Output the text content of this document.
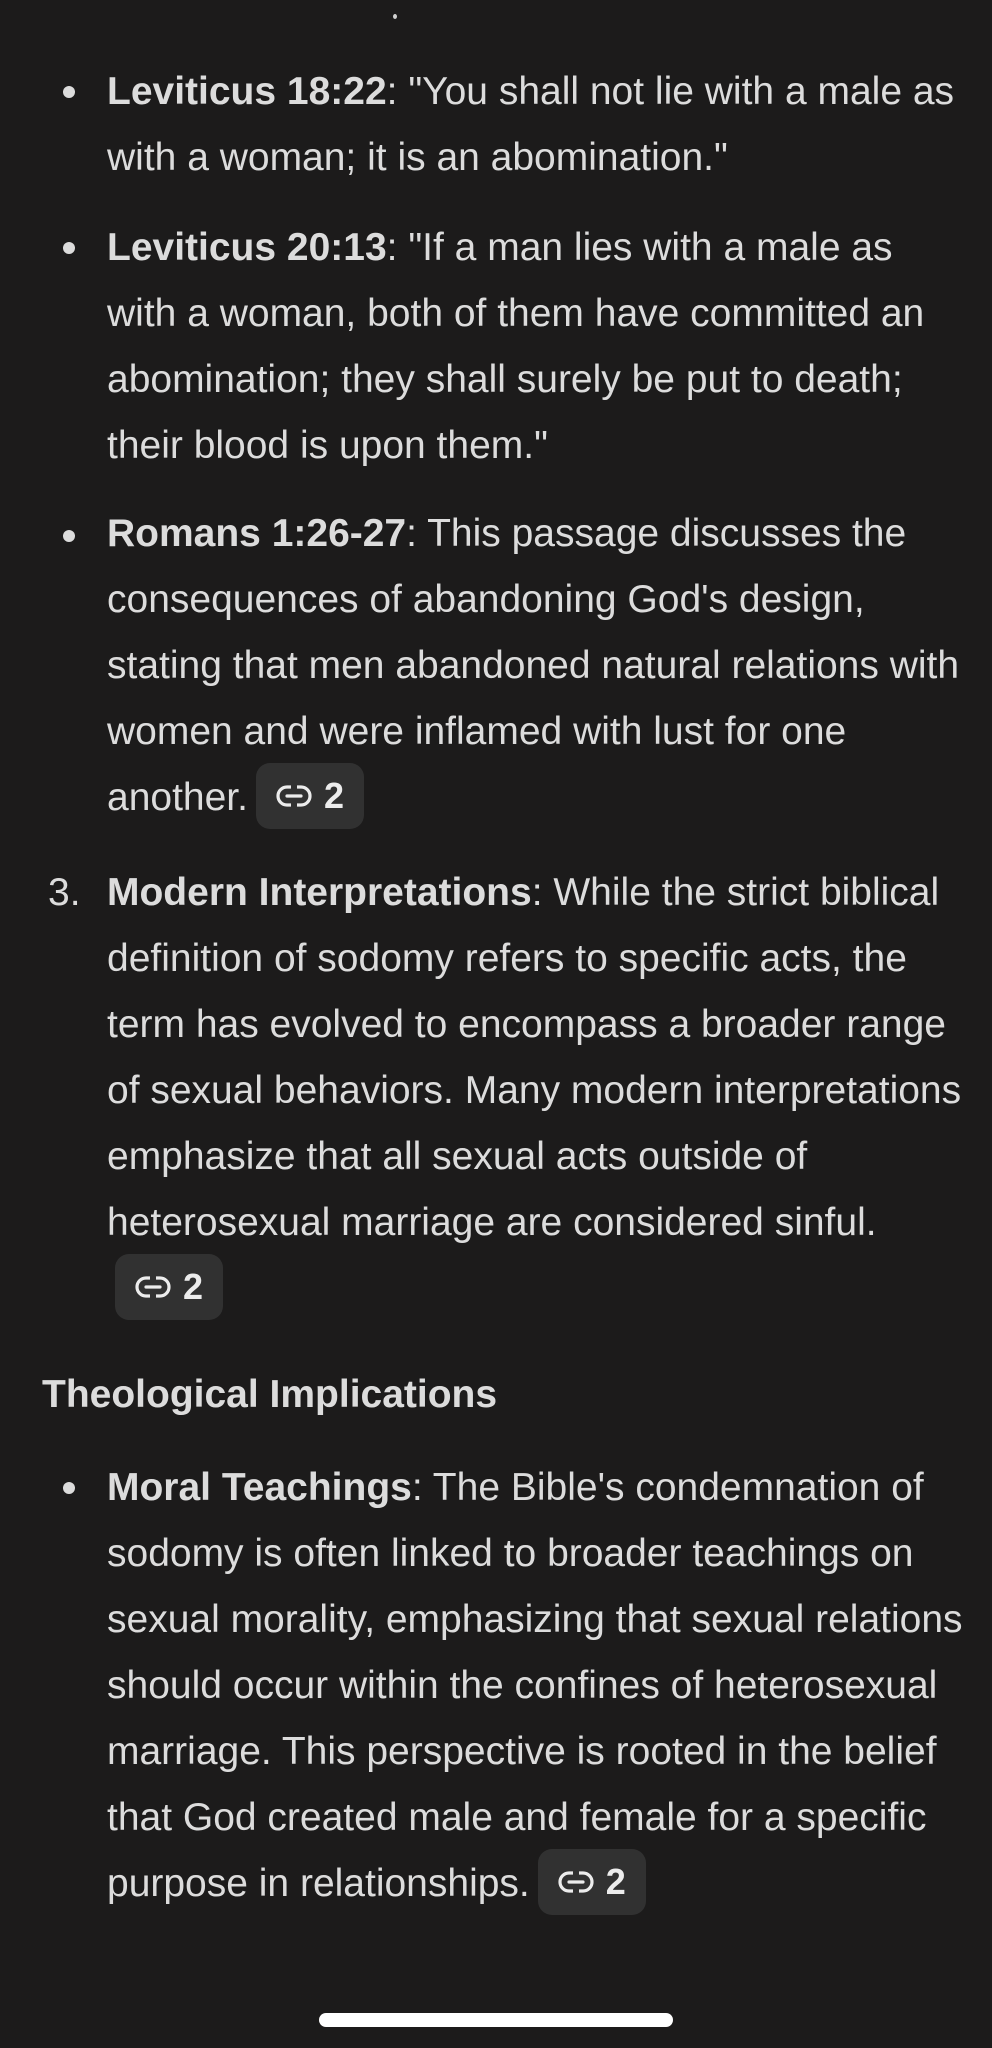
Leviticus 18:22: "You shall not lie with a male as with a woman; it is an abomination."
Leviticus 20:13: "If a man lies with a male as with a woman, both of them have committed an abomination; they shall surely be put to death; their blood is upon them."
Romans 1:26-27: This passage discusses the consequences of abandoning God's design, stating that men abandoned natural relations with women and were inflamed with lust for one another. 2
3. Modern Interpretations: While the strict biblical definition of sodomy refers to specific acts, the term has evolved to encompass a broader range of sexual behaviors. Many modern interpretations emphasize that all sexual acts outside of heterosexual marriage are considered sinful.
2
Theological Implications
Moral Teachings: The Bible's condemnation of sodomy is often linked to broader teachings on sexual morality, emphasizing that sexual relations should occur within the confines of heterosexual marriage. This perspective is rooted in the belief that God created male and female for a specific purpose in relationships. 2
